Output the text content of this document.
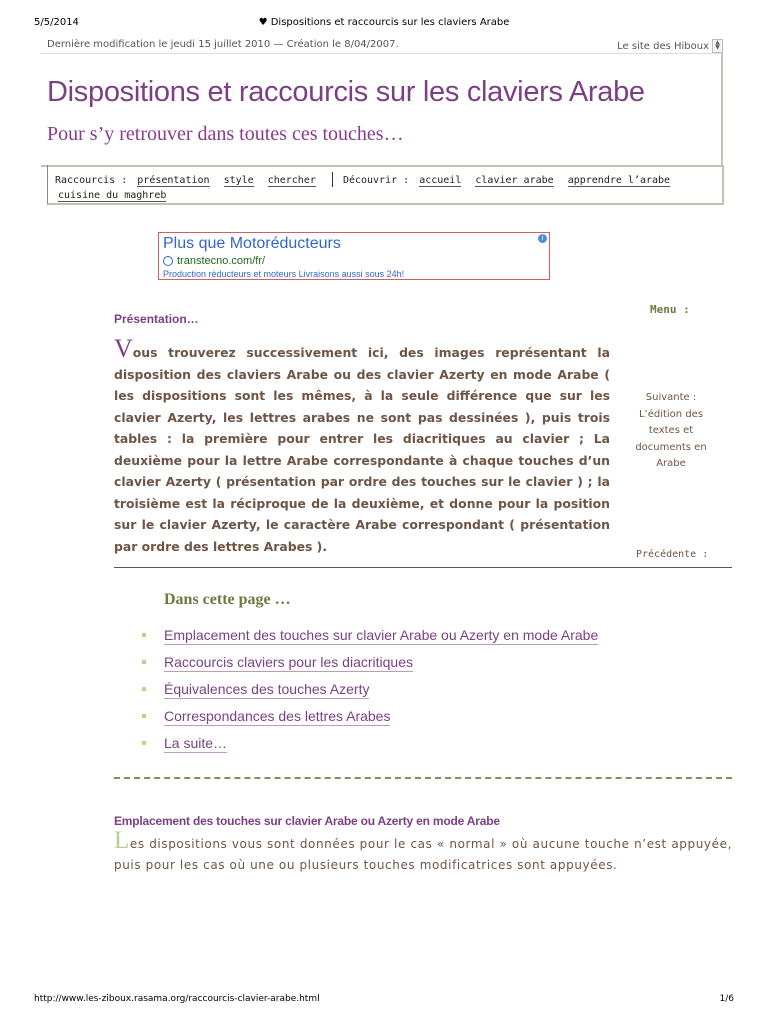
5/5/2014	♥ Dispositions et raccourcis sur les claviers Arabe
Dernière modification le jeudi 15 juillet 2010 — Création le 8/04/2007.	Le site des Hiboux	▲
▼
Dispositions et raccourcis sur les claviers Arabe
Pour s’y retrouver dans toutes ces touches…
Raccourcis : présentation style chercher	Découvrir : accueil clavier arabe apprendre l’arabe
cuisine du maghreb
Plus que Motoréducteurs
transtecno.com/fr/
Production réducteurs et moteurs Livraisons aussi sous 24h!
i
Présentation…

Vous trouverez successivement ici, des images représentant la disposition des claviers Arabe ou des clavier Azerty en mode Arabe ( les dispositions sont les mêmes, à la seule différence que sur les clavier Azerty, les lettres arabes ne sont pas dessinées ), puis trois tables : la première pour entrer les diacritiques au clavier ; La deuxième pour la lettre Arabe correspondante à chaque touches d’un clavier Azerty ( présentation par ordre des touches sur le clavier ) ; la troisième est la réciproque de la deuxième, et donne pour la position sur le clavier Azerty, le caractère Arabe correspondant ( présentation par ordre des lettres Arabes ).

Menu :
Suivante :
L’édition des textes et documents en Arabe
Précédente :
Dans cette page …
Emplacement des touches sur clavier Arabe ou Azerty en mode Arabe
Raccourcis claviers pour les diacritiques
Équivalences des touches Azerty
Correspondances des lettres Arabes
La suite…
Emplacement des touches sur clavier Arabe ou Azerty en mode Arabe

Les dispositions vous sont données pour le cas « normal » où aucune touche n’est appuyée, puis pour les cas où une ou plusieurs touches modificatrices sont appuyées.

http://www.les-ziboux.rasama.org/raccourcis-clavier-arabe.html	1/6
